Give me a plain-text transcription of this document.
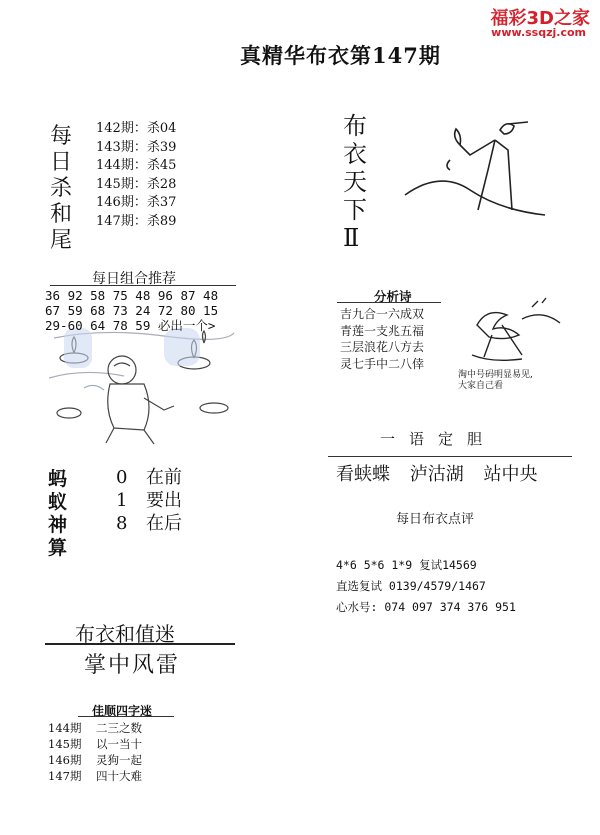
福彩3D之家
www.ssqzj.com
真精华布衣第147期
每
日
杀
和
尾
142期：杀04
143期：杀39
144期：杀45
145期：杀28
146期：杀37
147期：杀89
每日组合推荐
36 92 58 75 48 96 87 48
67 59 68 73 24 72 80 15
29-60 64 78 59 必出一个>
蚂
蚁
神
算
0 在前
1 要出
8 在后
布衣和值迷
掌中风雷
佳顺四字迷
144期 二三之数
145期 以一当十
146期 灵狗一起
147期 四十大难
布
衣
天
下
Ⅱ
分析诗
吉九合一六成双
青莲一支兆五福
三层浪花八方去
灵七手中二八倖
淘中号码明显易见,
大家自己看
一语定胆
看蛱蝶 泸沽湖 站中央
每日布衣点评
4*6 5*6 1*9 复试14569
直选复试 0139/4579/1467
心水号: 074 097 374 376 951
